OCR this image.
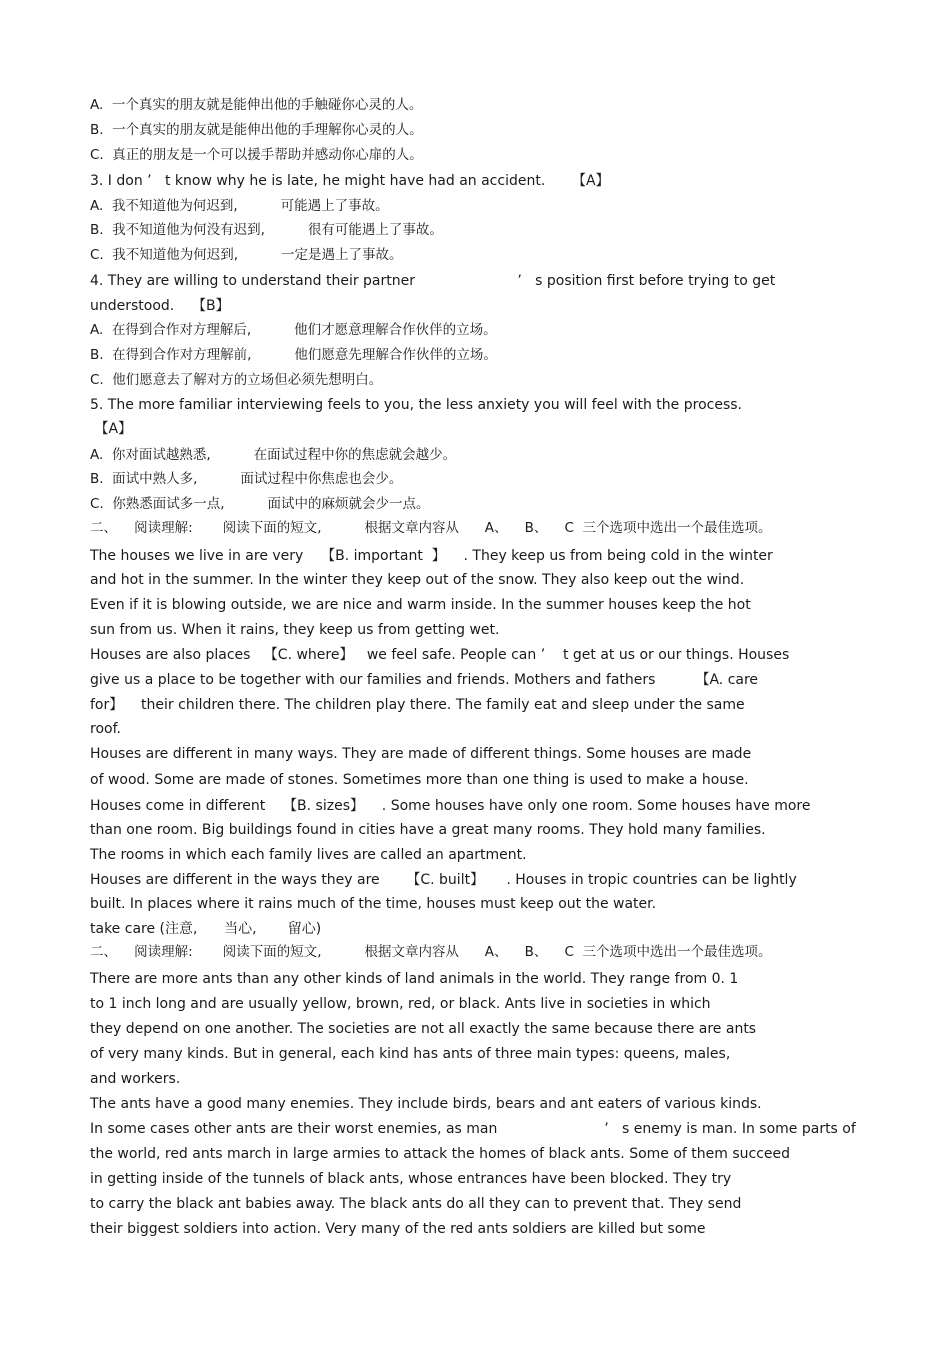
A.  一个真实的朋友就是能伸出他的手触碰你心灵的人。
B.  一个真实的朋友就是能伸出他的手理解你心灵的人。
C.  真正的朋友是一个可以援手帮助并感动你心扉的人。
3. I don ’   t know why he is late, he might have had an accident.      【A】
A.  我不知道他为何迟到,          可能遇上了事故。
B.  我不知道他为何没有迟到,          很有可能遇上了事故。
C.  我不知道他为何迟到,          一定是遇上了事故。
4. They are willing to understand their partner                       ’   s position first before trying to get
understood.    【B】
A.  在得到合作对方理解后,          他们才愿意理解合作伙伴的立场。
B.  在得到合作对方理解前,          他们愿意先理解合作伙伴的立场。
C.  他们愿意去了解对方的立场但必须先想明白。
5. The more familiar interviewing feels to you, the less anxiety you will feel with the process.
【A】
A.  你对面试越熟悉,          在面试过程中你的焦虑就会越少。
B.  面试中熟人多,          面试过程中你焦虑也会少。
C.  你熟悉面试多一点,          面试中的麻烦就会少一点。
二、    阅读理解:       阅读下面的短文,          根据文章内容从      A、    B、    C  三个选项中选出一个最佳选项。
The houses we live in are very    【B. important  】    . They keep us from being cold in the winter
and hot in the summer. In the winter they keep out of the snow. They also keep out the wind.
Even if it is blowing outside, we are nice and warm inside. In the summer houses keep the hot
sun from us. When it rains, they keep us from getting wet.
Houses are also places   【C. where】   we feel safe. People can ’    t get at us or our things. Houses
give us a place to be together with our families and friends. Mothers and fathers         【A. care
for】    their children there. The children play there. The family eat and sleep under the same
roof.
Houses are different in many ways. They are made of different things. Some houses are made
of wood. Some are made of stones. Sometimes more than one thing is used to make a house.
Houses come in different    【B. sizes】    . Some houses have only one room. Some houses have more
than one room. Big buildings found in cities have a great many rooms. They hold many families.
The rooms in which each family lives are called an apartment.
Houses are different in the ways they are      【C. built】     . Houses in tropic countries can be lightly
built. In places where it rains much of the time, houses must keep out the water.
take care (注意,      当心,       留心)
二、    阅读理解:       阅读下面的短文,          根据文章内容从      A、    B、    C  三个选项中选出一个最佳选项。
There are more ants than any other kinds of land animals in the world. They range from 0. 1
to 1 inch long and are usually yellow, brown, red, or black. Ants live in societies in which
they depend on one another. The societies are not all exactly the same because there are ants
of very many kinds. But in general, each kind has ants of three main types: queens, males,
and workers.
The ants have a good many enemies. They include birds, bears and ant eaters of various kinds.
In some cases other ants are their worst enemies, as man                        ’   s enemy is man. In some parts of
the world, red ants march in large armies to attack the homes of black ants. Some of them succeed
in getting inside of the tunnels of black ants, whose entrances have been blocked. They try
to carry the black ant babies away. The black ants do all they can to prevent that. They send
their biggest soldiers into action. Very many of the red ants soldiers are killed but some
